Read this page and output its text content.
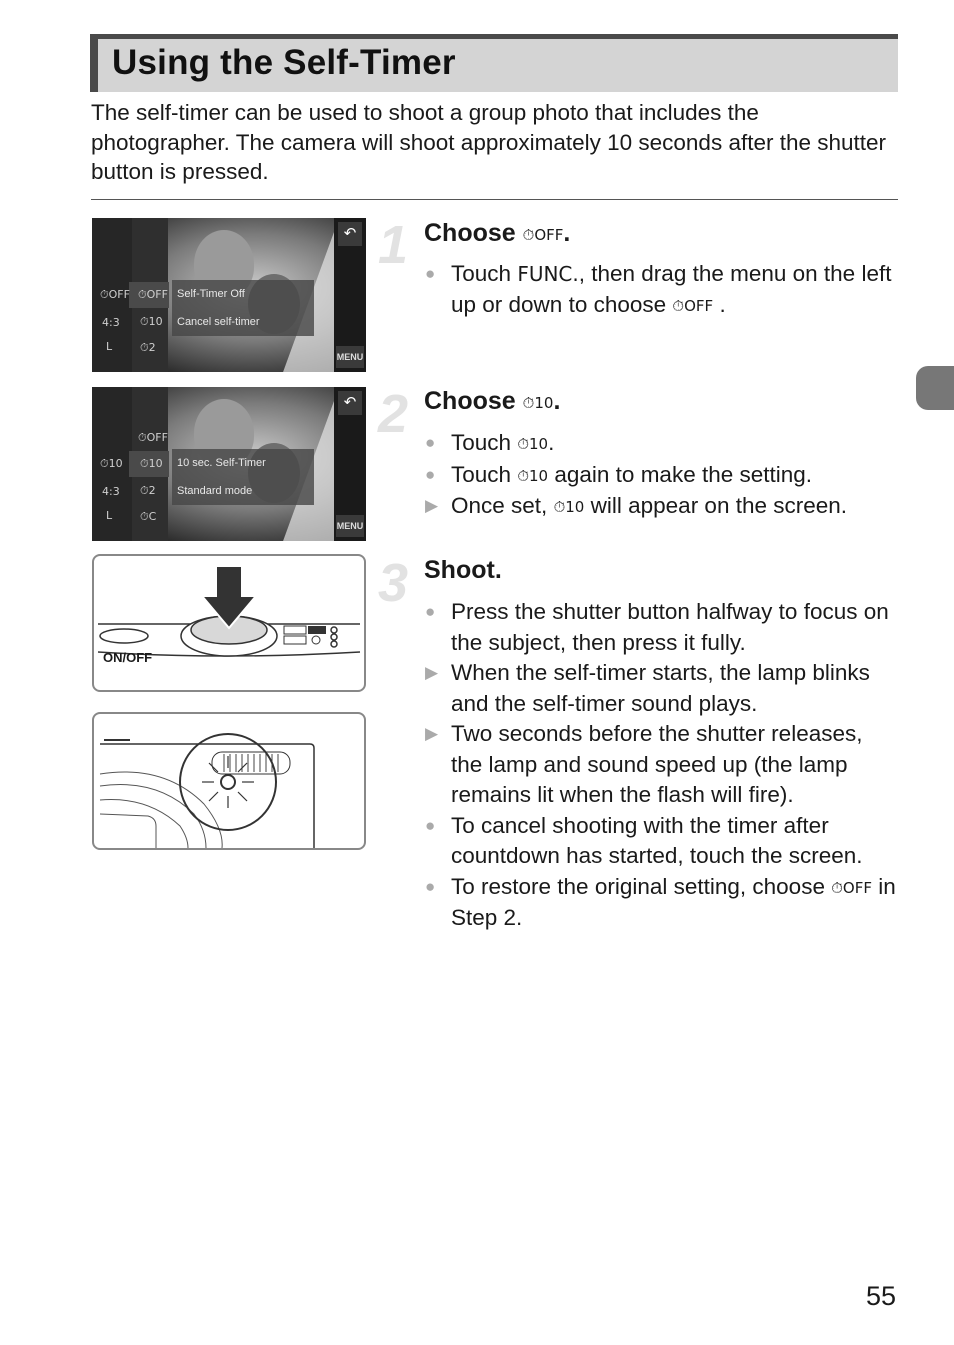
Using the Self-Timer

The self-timer can be used to shoot a group photo that includes the photographer. The camera will shoot approximately 10 seconds after the shutter button is pressed.

⏱OFF
4:3
L
⏱OFF
⏱10
⏱2
Self-Timer Off
Cancel self-timer
↶
MENU
⏱10
4:3
L
⏱OFF
⏱10
⏱2
⏱C
10 sec. Self-Timer
Standard mode
↶
MENU
ON/OFF
1 Choose ⏱OFF.
● Touch FUNC., then drag the menu on the left up or down to choose ⏱OFF .
2 Choose ⏱10.
● Touch ⏱10.
● Touch ⏱10 again to make the setting.
▶ Once set, ⏱10 will appear on the screen.
3 Shoot.
● Press the shutter button halfway to focus on the subject, then press it fully.
▶ When the self-timer starts, the lamp blinks and the self-timer sound plays.
▶ Two seconds before the shutter releases, the lamp and sound speed up (the lamp remains lit when the flash will fire).
● To cancel shooting with the timer after countdown has started, touch the screen.
● To restore the original setting, choose ⏱OFF in Step 2.
55
